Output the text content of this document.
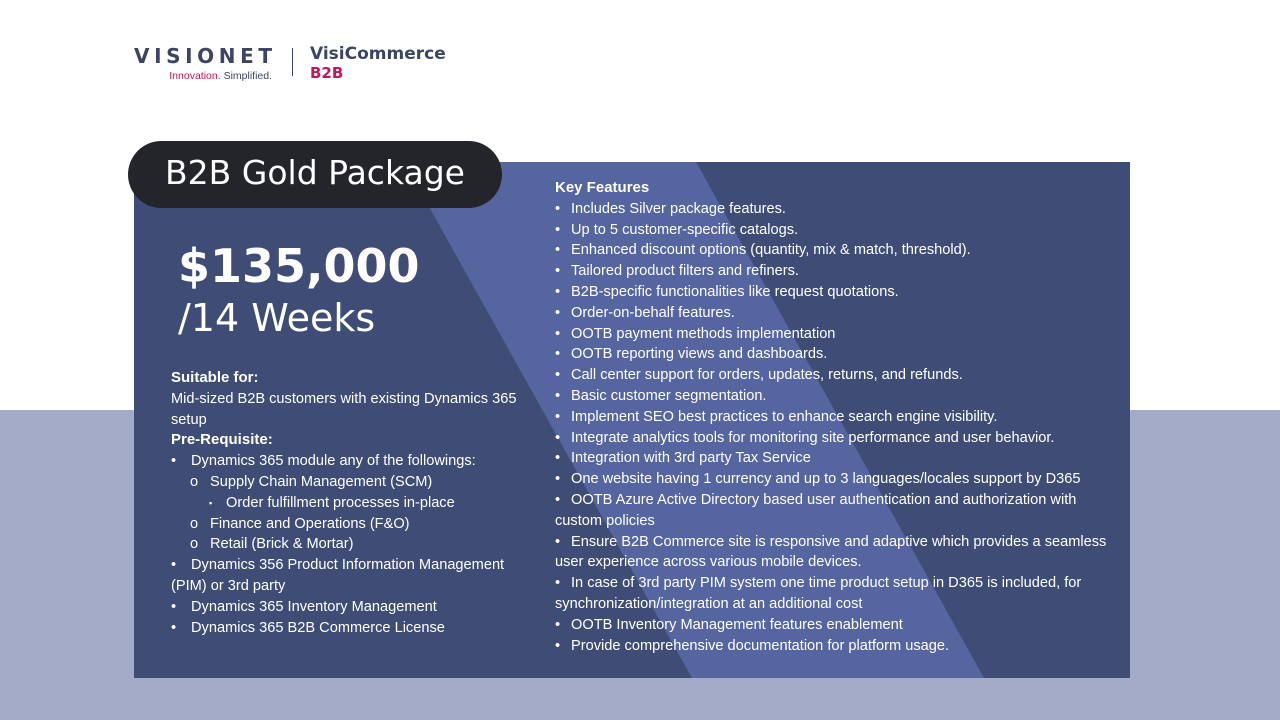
VISIONET
Innovation. Simplified.
VisiCommerce
B2B
B2B Gold Package
$135,000
/14 Weeks
Suitable for:
Mid-sized B2B customers with existing Dynamics 365 setup
Pre-Requisite:
• Dynamics 365 module any of the followings:
o Supply Chain Management (SCM)
▪ Order fulfillment processes in-place
o Finance and Operations (F&O)
o Retail (Brick & Mortar)
• Dynamics 356 Product Information Management (PIM) or 3rd party
• Dynamics 365 Inventory Management
• Dynamics 365 B2B Commerce License
Key Features
• Includes Silver package features.
• Up to 5 customer-specific catalogs.
• Enhanced discount options (quantity, mix & match, threshold).
• Tailored product filters and refiners.
• B2B-specific functionalities like request quotations.
• Order-on-behalf features.
• OOTB payment methods implementation
• OOTB reporting views and dashboards.
• Call center support for orders, updates, returns, and refunds.
• Basic customer segmentation.
• Implement SEO best practices to enhance search engine visibility.
• Integrate analytics tools for monitoring site performance and user behavior.
• Integration with 3rd party Tax Service
• One website having 1 currency and up to 3 languages/locales support by D365
• OOTB Azure Active Directory based user authentication and authorization with custom policies
• Ensure B2B Commerce site is responsive and adaptive which provides a seamless user experience across various mobile devices.
• In case of 3rd party PIM system one time product setup in D365 is included, for synchronization/integration at an additional cost
• OOTB Inventory Management features enablement
• Provide comprehensive documentation for platform usage.
